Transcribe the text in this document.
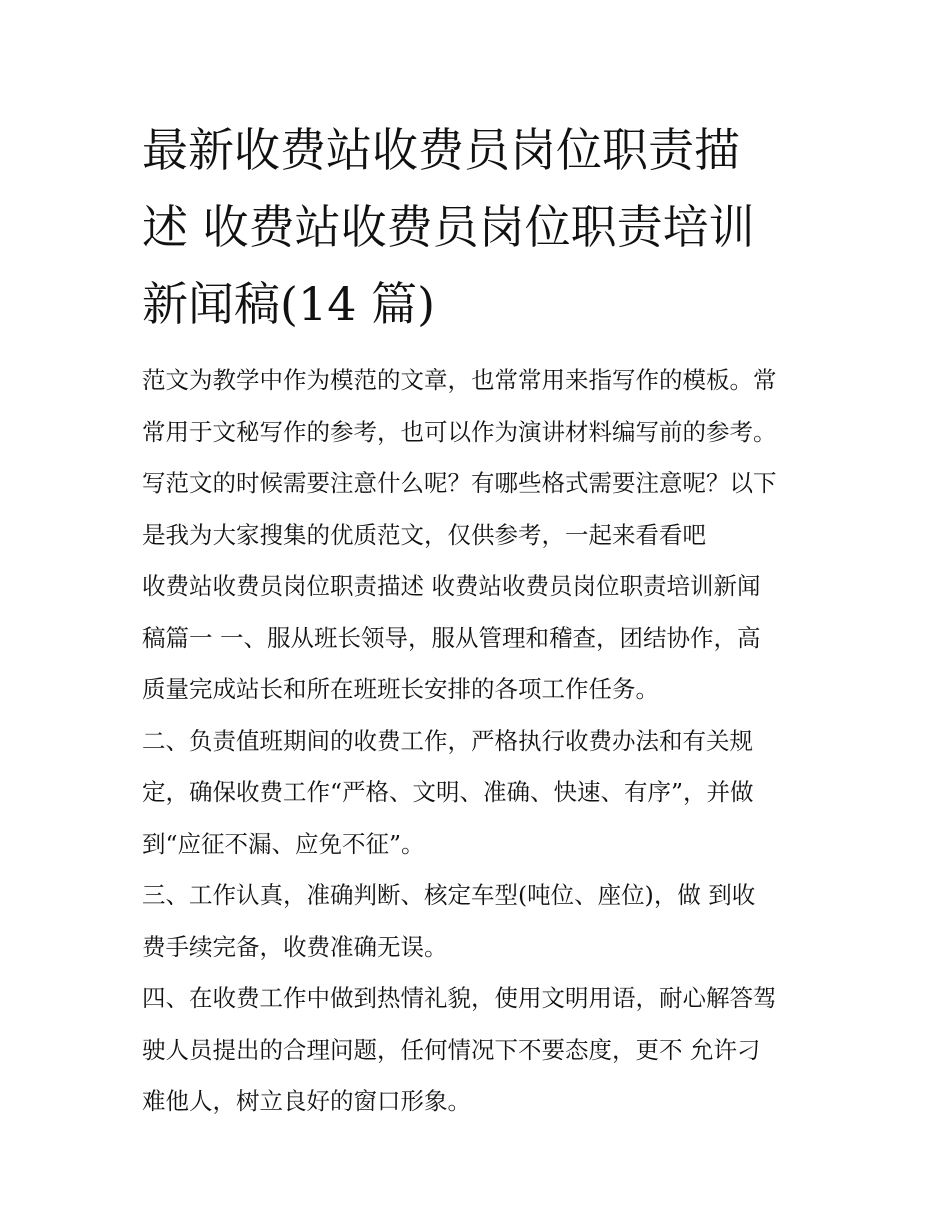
最新收费站收费员岗位职责描
述 收费站收费员岗位职责培训
新闻稿(14 篇)
范文为教学中作为模范的文章，也常常用来指写作的模板。常
常用于文秘写作的参考，也可以作为演讲材料编写前的参考。
写范文的时候需要注意什么呢？有哪些格式需要注意呢？以下
是我为大家搜集的优质范文，仅供参考，一起来看看吧
收费站收费员岗位职责描述 收费站收费员岗位职责培训新闻
稿篇一 一、服从班长领导，服从管理和稽查，团结协作，高
质量完成站长和所在班班长安排的各项工作任务。
二、负责值班期间的收费工作，严格执行收费办法和有关规
定，确保收费工作“严格、文明、准确、快速、有序”，并做
到“应征不漏、应免不征”。
三、工作认真，准确判断、核定车型(吨位、座位)，做 到收
费手续完备，收费准确无误。
四、在收费工作中做到热情礼貌，使用文明用语，耐心解答驾
驶人员提出的合理问题，任何情况下不要态度，更不 允许刁
难他人，树立良好的窗口形象。
